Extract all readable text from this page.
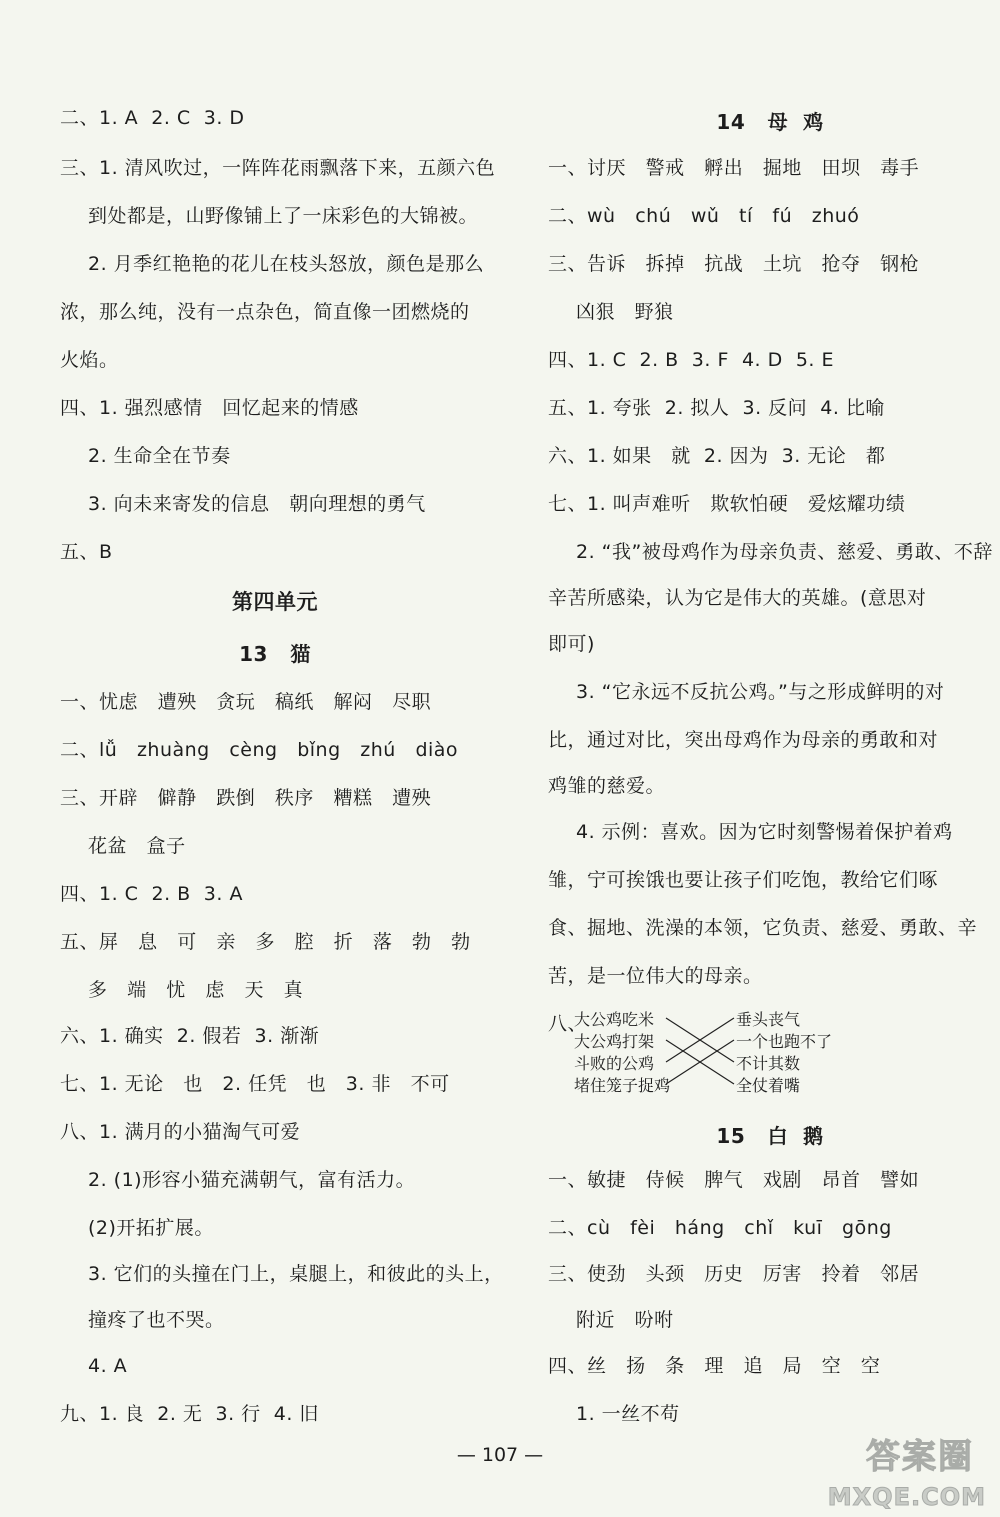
二、1. A  2. C  3. D
三、1. 清风吹过，一阵阵花雨飘落下来，五颜六色
到处都是，山野像铺上了一床彩色的大锦被。
2. 月季红艳艳的花儿在枝头怒放，颜色是那么
浓，那么纯，没有一点杂色，简直像一团燃烧的
火焰。
四、1. 强烈感情   回忆起来的情感
2. 生命全在节奏
3. 向未来寄发的信息   朝向理想的勇气
五、B
第四单元
13   猫
一、忧虑   遭殃   贪玩   稿纸   解闷   尽职
二、lǚ   zhuàng   cèng   bǐng   zhú   diào
三、开辟   僻静   跌倒   秩序   糟糕   遭殃
花盆   盒子
四、1. C  2. B  3. A
五、屏   息   可   亲   多   腔   折   落   勃   勃
多   端   忧   虑   天   真
六、1. 确实  2. 假若  3. 渐渐
七、1. 无论   也   2. 任凭   也   3. 非   不可
八、1. 满月的小猫淘气可爱
2. (1)形容小猫充满朝气，富有活力。
(2)开拓扩展。
3. 它们的头撞在门上，桌腿上，和彼此的头上，
撞疼了也不哭。
4. A
九、1. 良  2. 无  3. 行  4. 旧
14   母  鸡
一、讨厌   警戒   孵出   掘地   田坝   毒手
二、wù   chú   wǔ   tí   fú   zhuó
三、告诉   拆掉   抗战   土坑   抢夺   钢枪
凶狠   野狼
四、1. C  2. B  3. F  4. D  5. E
五、1. 夸张  2. 拟人  3. 反问  4. 比喻
六、1. 如果   就  2. 因为  3. 无论   都
七、1. 叫声难听   欺软怕硬   爱炫耀功绩
2. “我”被母鸡作为母亲负责、慈爱、勇敢、不辞
辛苦所感染，认为它是伟大的英雄。(意思对
即可)
3. “它永远不反抗公鸡。”与之形成鲜明的对
比，通过对比，突出母鸡作为母亲的勇敢和对
鸡雏的慈爱。
4. 示例：喜欢。因为它时刻警惕着保护着鸡
雏，宁可挨饿也要让孩子们吃饱，教给它们啄
食、掘地、洗澡的本领，它负责、慈爱、勇敢、辛
苦，是一位伟大的母亲。
八、
大公鸡吃米
大公鸡打架
斗败的公鸡
堵住笼子捉鸡
垂头丧气
一个也跑不了
不计其数
全仗着嘴
15   白  鹅
一、敏捷   侍候   脾气   戏剧   昂首   譬如
二、cù   fèi   háng   chǐ   kuī   gōng
三、使劲   头颈   历史   厉害   拎着   邻居
附近   吩咐
四、丝   扬   条   理   追   局   空   空
1. 一丝不苟
— 107 —	答案圈
MXQE.COM
